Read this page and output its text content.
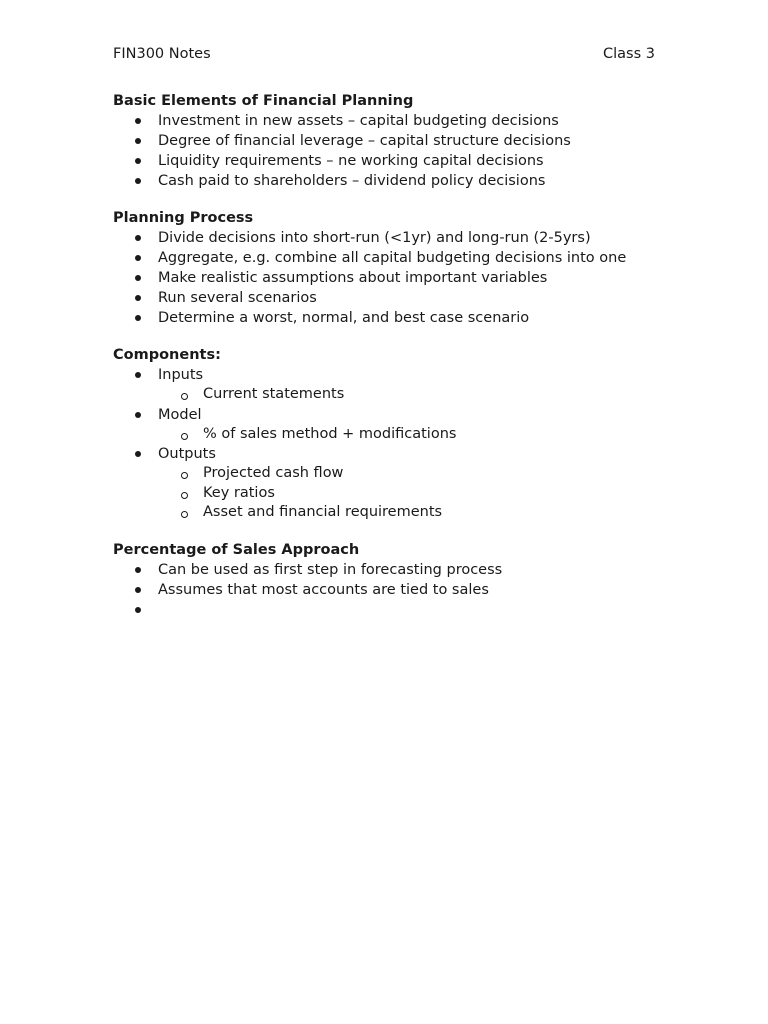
FIN300 Notes	Class 3
Basic Elements of Financial Planning
Investment in new assets – capital budgeting decisions
Degree of financial leverage – capital structure decisions
Liquidity requirements – ne working capital decisions
Cash paid to shareholders – dividend policy decisions
Planning Process
Divide decisions into short-run (<1yr) and long-run (2-5yrs)
Aggregate, e.g. combine all capital budgeting decisions into one
Make realistic assumptions about important variables
Run several scenarios
Determine a worst, normal, and best case scenario
Components:
Inputs
Current statements
Model
% of sales method + modifications
Outputs
Projected cash flow
Key ratios
Asset and financial requirements
Percentage of Sales Approach
Can be used as first step in forecasting process
Assumes that most accounts are tied to sales
